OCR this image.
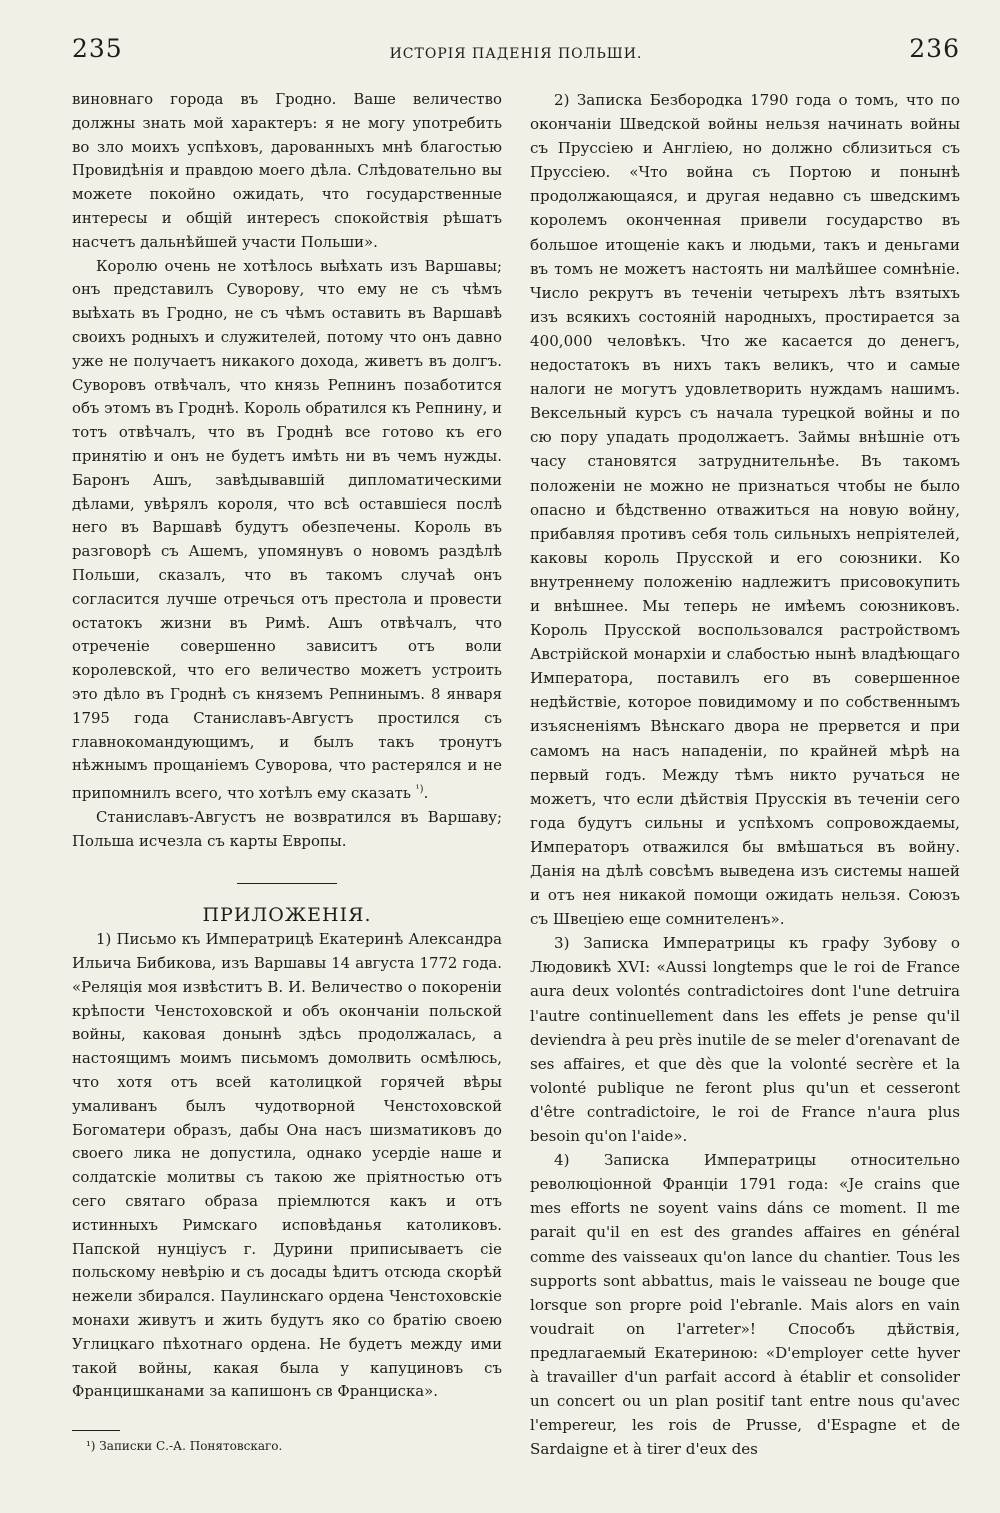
235	ИСТОРІЯ ПАДЕНІЯ ПОЛЬШИ.	236

виновнаго города въ Гродно. Ваше величество должны знать мой характеръ: я не могу употребить во зло моихъ успѣховъ, дарованныхъ мнѣ благостью Провидѣнія и правдою моего дѣла. Слѣдовательно вы можете покойно ожидать, что государственные интересы и общій интересъ спокойствія рѣшатъ насчетъ дальнѣйшей участи Польши».

Королю очень не хотѣлось выѣхать изъ Варшавы; онъ представилъ Суворову, что ему не съ чѣмъ выѣхать въ Гродно, не съ чѣмъ оставить въ Варшавѣ своихъ родныхъ и служителей, потому что онъ давно уже не получаетъ никакого дохода, живетъ въ долгъ. Суворовъ отвѣчалъ, что князь Репнинъ позаботится объ этомъ въ Гроднѣ. Король обратился къ Репнину, и тотъ отвѣчалъ, что въ Гроднѣ все готово къ его принятію и онъ не будетъ имѣть ни въ чемъ нужды. Баронъ Ашъ, завѣдывавшій дипломатическими дѣлами, увѣрялъ короля, что всѣ оставшіеся послѣ него въ Варшавѣ будутъ обезпечены. Король въ разговорѣ съ Ашемъ, упомянувъ о новомъ раздѣлѣ Польши, сказалъ, что въ такомъ случаѣ онъ согласится лучше отречься отъ престола и провести остатокъ жизни въ Римѣ. Ашъ отвѣчалъ, что отреченіе совершенно зависитъ отъ воли королевской, что его величество можетъ устроить это дѣло въ Гроднѣ съ княземъ Репнинымъ. 8 января 1795 года Станиславъ-Августъ простился съ главнокомандующимъ, и былъ такъ тронутъ нѣжнымъ прощаніемъ Суворова, что растерялся и не припомнилъ всего, что хотѣлъ ему сказать $^{^1)}$.

Станиславъ-Августъ не возвратился въ Варшаву; Польша исчезла съ карты Европы.

ПРИЛОЖЕНІЯ.

1) Письмо къ Императрицѣ Екатеринѣ Александра Ильича Бибикова, изъ Варшавы 14 августа 1772 года. «Реляція моя извѣститъ В. И. Величество о покореніи крѣпости Ченстоховской и объ окончаніи польской войны, каковая донынѣ здѣсь продолжалась, а настоящимъ моимъ письмомъ домолвить осмѣлюсь, что хотя отъ всей католицкой горячей вѣры умаливанъ былъ чудотворной Ченстоховской Богоматери образъ, дабы Она насъ шизматиковъ до своего лика не допустила, однако усердіе наше и солдатскіе молитвы съ такою же пріятностью отъ сего святаго образа пріемлются какъ и отъ истинныхъ Римскаго исповѣданья католиковъ. Папской нунціусъ г. Дурини приписываетъ сіе польскому невѣрію и съ досады ѣдитъ отсюда скорѣй нежели збирался. Паулинскаго ордена Ченстоховскіе монахи живутъ и жить будутъ яко со братію своею Углицкаго пѣхотнаго ордена. Не будетъ между ими такой войны, какая была у капуциновъ съ Францишканами за капишонъ св Франциска».

¹) Записки С.-А. Понятовскаго.

2) Записка Безбородка 1790 года о томъ, что по окончаніи Шведской войны нельзя начинать войны съ Пруссіею и Англіею, но должно сблизиться съ Пруссіею. «Что война съ Портою и понынѣ продолжающаяся, и другая недавно съ шведскимъ королемъ оконченная привели государство въ большое итощеніе какъ и людьми, такъ и деньгами въ томъ не можетъ настоять ни малѣйшее сомнѣніе. Число рекрутъ въ теченіи четырехъ лѣтъ взятыхъ изъ всякихъ состояній народныхъ, простирается за 400,000 человѣкъ. Что же касается до денегъ, недостатокъ въ нихъ такъ великъ, что и самые налоги не могутъ удовлетворить нуждамъ нашимъ. Вексельный курсъ съ начала турецкой войны и по сю пору упадать продолжаетъ. Займы внѣшніе отъ часу становятся затруднительнѣе. Въ такомъ положеніи не можно не признаться чтобы не было опасно и бѣдственно отважиться на новую войну, прибавляя противъ себя толь сильныхъ непріятелей, каковы король Прусской и его союзники. Ко внутреннему положенію надлежитъ присовокупить и внѣшнее. Мы теперь не имѣемъ союзниковъ. Король Прусской воспользовался растройствомъ Австрійской монархіи и слабостью нынѣ владѣющаго Императора, поставилъ его въ совершенное недѣйствіе, которое повидимому и по собственнымъ изъясненіямъ Вѣнскаго двора не прервется и при самомъ на насъ нападеніи, по крайней мѣрѣ на первый годъ. Между тѣмъ никто ручаться не можетъ, что если дѣйствія Прусскія въ теченіи сего года будутъ сильны и успѣхомъ сопровождаемы, Императоръ отважился бы вмѣшаться въ войну. Данія на дѣлѣ совсѣмъ выведена изъ системы нашей и отъ нея никакой помощи ожидать нельзя. Союзъ съ Швеціею еще сомнителенъ».

3) Записка Императрицы къ графу Зубову о Людовикѣ XVI: «Aussi longtemps que le roi de France aura deux volontés contradictoires dont l'une detruira l'autre continuellement dans les effets je pense qu'il deviendra à peu près inutile de se meler d'orenavant de ses affaires, et que dès que la volonté secrère et la volonté publique ne feront plus qu'un et cesseront d'être contradictoire, le roi de France n'aura plus besoin qu'on l'aide».

4) Записка Императрицы относительно революціонной Франціи 1791 года: «Je crains que mes efforts ne soyent vains dáns ce moment. Il me parait qu'il en est des grandes affaires en général comme des vaisseaux qu'on lance du chantier. Tous les supports sont abbattus, mais le vaisseau ne bouge que lorsque son propre poid l'ebranle. Mais alors en vain voudrait on l'arreter»! Способъ дѣйствія, предлагаемый Екатериною: «D'employer cette hyver à travailler d'un parfait accord à établir et consolider un concert ou un plan positif tant entre nous qu'avec l'empereur, les rois de Prusse, d'Espagne et de Sardaigne et à tirer d'eux des
